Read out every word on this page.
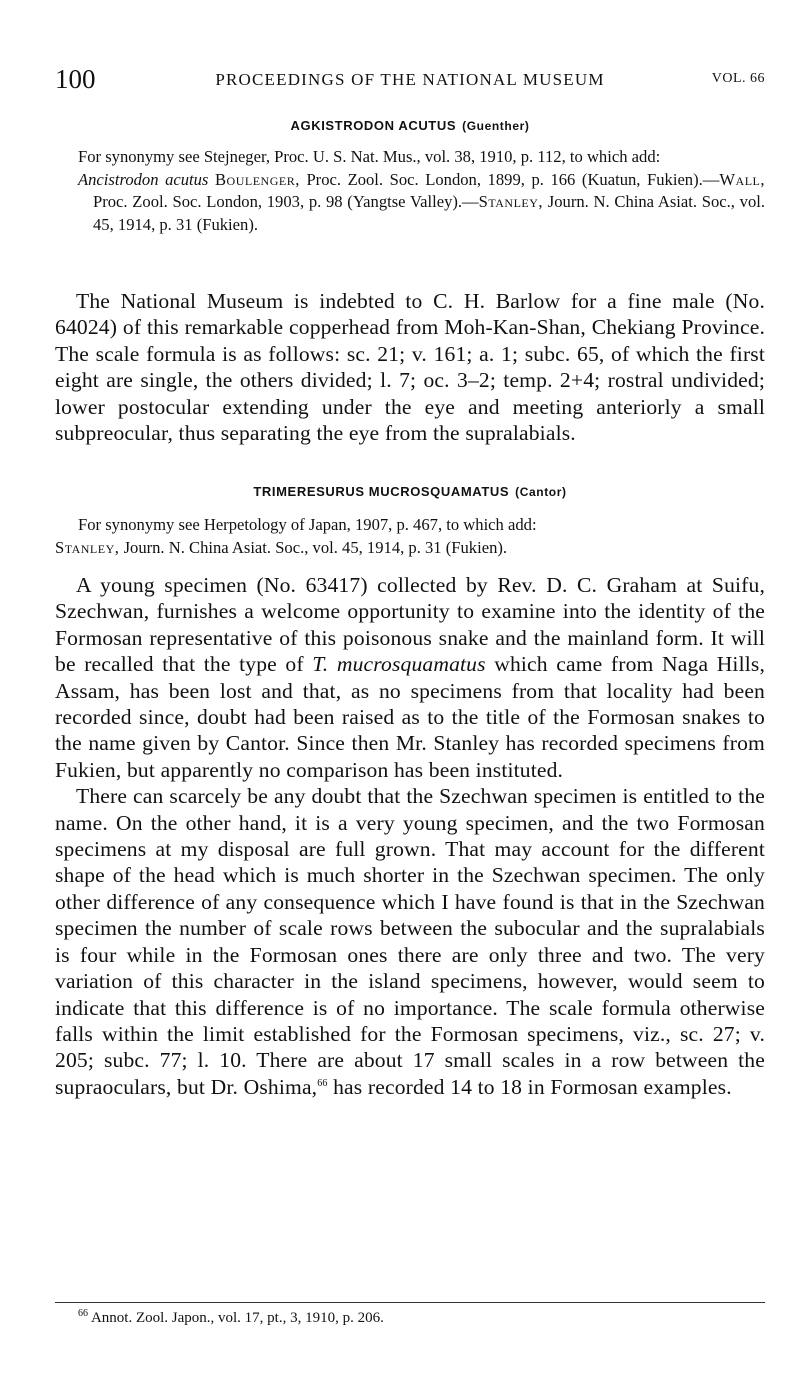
100	PROCEEDINGS OF THE NATIONAL MUSEUM	VOL. 66
AGKISTRODON ACUTUS (Guenther)
For synonymy see Stejneger, Proc. U. S. Nat. Mus., vol. 38, 1910, p. 112, to which add:
Ancistrodon acutus Boulenger, Proc. Zool. Soc. London, 1899, p. 166 (Kuatun, Fukien).—Wall, Proc. Zool. Soc. London, 1903, p. 98 (Yangtse Valley).—Stanley, Journ. N. China Asiat. Soc., vol. 45, 1914, p. 31 (Fukien).

The National Museum is indebted to C. H. Barlow for a fine male (No. 64024) of this remarkable copperhead from Moh-Kan-Shan, Chekiang Province. The scale formula is as follows: sc. 21; v. 161; a. 1; subc. 65, of which the first eight are single, the others divided; l. 7; oc. 3–2; temp. 2+4; rostral undivided; lower postocular extending under the eye and meeting anteriorly a small subpreocular, thus separating the eye from the supralabials.

TRIMERESURUS MUCROSQUAMATUS (Cantor)
For synonymy see Herpetology of Japan, 1907, p. 467, to which add:
Stanley, Journ. N. China Asiat. Soc., vol. 45, 1914, p. 31 (Fukien).

A young specimen (No. 63417) collected by Rev. D. C. Graham at Suifu, Szechwan, furnishes a welcome opportunity to examine into the identity of the Formosan representative of this poisonous snake and the mainland form. It will be recalled that the type of T. mucrosquamatus which came from Naga Hills, Assam, has been lost and that, as no specimens from that locality had been recorded since, doubt had been raised as to the title of the Formosan snakes to the name given by Cantor. Since then Mr. Stanley has recorded specimens from Fukien, but apparently no comparison has been instituted.

There can scarcely be any doubt that the Szechwan specimen is entitled to the name. On the other hand, it is a very young specimen, and the two Formosan specimens at my disposal are full grown. That may account for the different shape of the head which is much shorter in the Szechwan specimen. The only other difference of any consequence which I have found is that in the Szechwan specimen the number of scale rows between the subocular and the supralabials is four while in the Formosan ones there are only three and two. The very variation of this character in the island specimens, however, would seem to indicate that this difference is of no importance. The scale formula otherwise falls within the limit established for the Formosan specimens, viz., sc. 27; v. 205; subc. 77; l. 10. There are about 17 small scales in a row between the supraoculars, but Dr. Oshima,$^{66}$ has recorded 14 to 18 in Formosan examples.

$^{66}$ Annot. Zool. Japon., vol. 17, pt., 3, 1910, p. 206.
